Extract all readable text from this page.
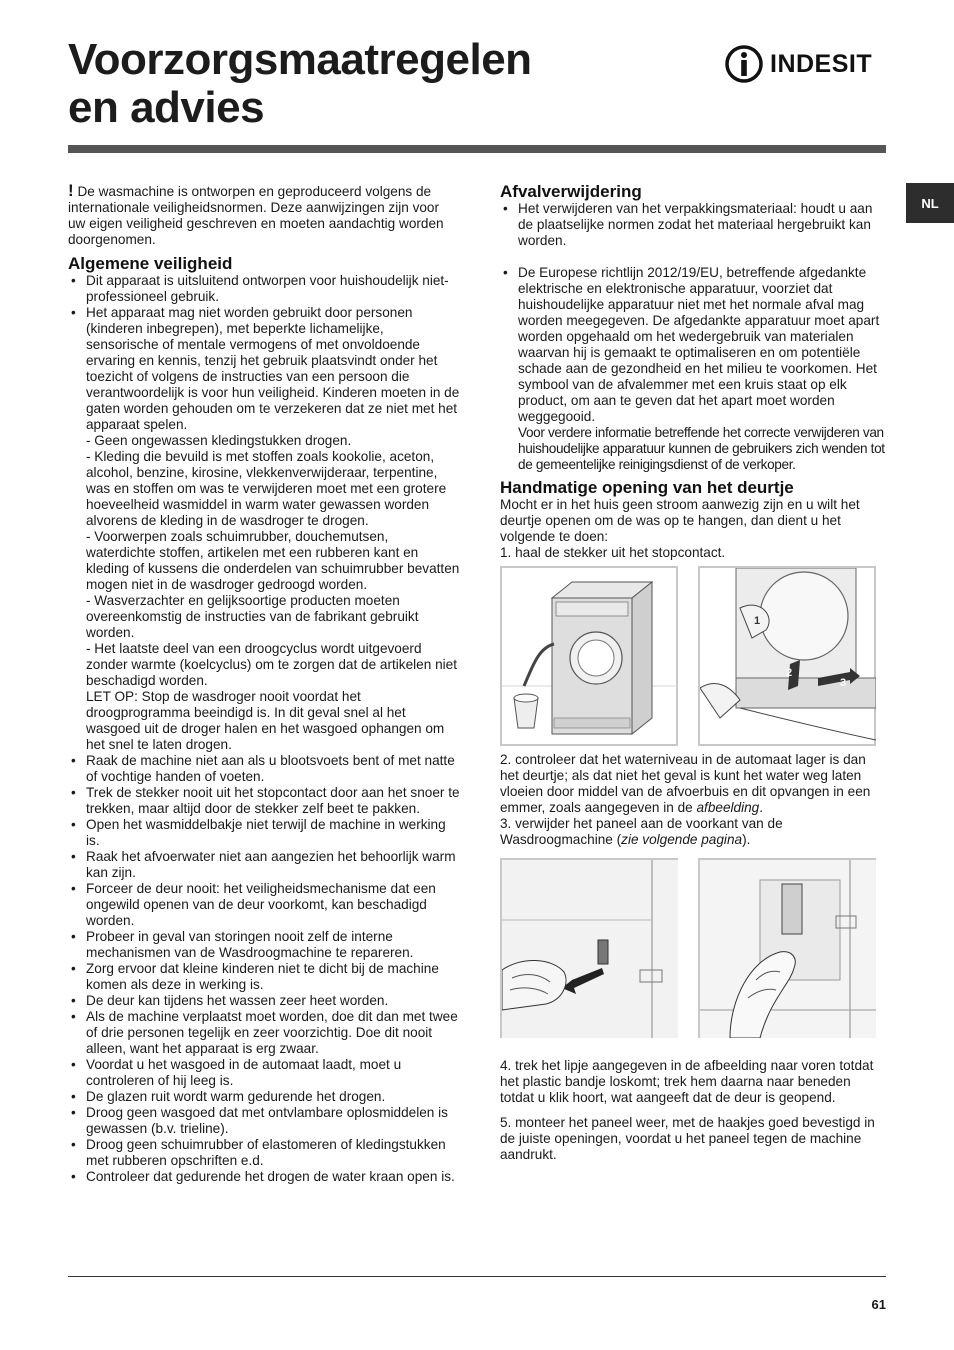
Voorzorgsmaatregelen
en advies
INDESIT
NL

! De wasmachine is ontworpen en geproduceerd volgens de internationale veiligheidsnormen. Deze aanwijzingen zijn voor uw eigen veiligheid geschreven en moeten aandachtig worden doorgenomen.

Algemene veiligheid
• Dit apparaat is uitsluitend ontworpen voor huishoudelijk niet-professioneel gebruik.
• Het apparaat mag niet worden gebruikt door personen (kinderen inbegrepen), met beperkte lichamelijke, sensorische of mentale vermogens of met onvoldoende ervaring en kennis, tenzij het gebruik plaatsvindt onder het toezicht of volgens de instructies van een persoon die verantwoordelijk is voor hun veiligheid. Kinderen moeten in de gaten worden gehouden om te verzekeren dat ze niet met het apparaat spelen.
- Geen ongewassen kledingstukken drogen.
- Kleding die bevuild is met stoffen zoals kookolie, aceton, alcohol, benzine, kirosine, vlekkenverwijderaar, terpentine, was en stoffen om was te verwijderen moet met een grotere hoeveelheid wasmiddel in warm water gewassen worden alvorens de kleding in de wasdroger te drogen.
- Voorwerpen zoals schuimrubber, douchemutsen, waterdichte stoffen, artikelen met een rubberen kant en kleding of kussens die onderdelen van schuimrubber bevatten mogen niet in de wasdroger gedroogd worden.
- Wasverzachter en gelijksoortige producten moeten overeenkomstig de instructies van de fabrikant gebruikt worden.
- Het laatste deel van een droogcyclus wordt uitgevoerd zonder warmte (koelcyclus) om te zorgen dat de artikelen niet beschadigd worden.
LET OP: Stop de wasdroger nooit voordat het droogprogramma beeindigd is. In dit geval snel al het wasgoed uit de droger halen en het wasgoed ophangen om het snel te laten drogen.
• Raak de machine niet aan als u blootsvoets bent of met natte of vochtige handen of voeten.
• Trek de stekker nooit uit het stopcontact door aan het snoer te trekken, maar altijd door de stekker zelf beet te pakken.
• Open het wasmiddelbakje niet terwijl de machine in werking is.
• Raak het afvoerwater niet aan aangezien het behoorlijk warm kan zijn.
• Forceer de deur nooit: het veiligheidsmechanisme dat een ongewild openen van de deur voorkomt, kan beschadigd worden.
• Probeer in geval van storingen nooit zelf de interne mechanismen van de Wasdroogmachine te repareren.
• Zorg ervoor dat kleine kinderen niet te dicht bij de machine komen als deze in werking is.
• De deur kan tijdens het wassen zeer heet worden.
• Als de machine verplaatst moet worden, doe dit dan met twee of drie personen tegelijk en zeer voorzichtig. Doe dit nooit alleen, want het apparaat is erg zwaar.
• Voordat u het wasgoed in de automaat laadt, moet u controleren of hij leeg is.
• De glazen ruit wordt warm gedurende het drogen.
• Droog geen wasgoed dat met ontvlambare oplosmiddelen is gewassen (b.v. trieline).
• Droog geen schuimrubber of elastomeren of kledingstukken met rubberen opschriften e.d.
• Controleer dat gedurende het drogen de water kraan open is.
Afvalverwijdering
• Het verwijderen van het verpakkingsmateriaal: houdt u aan de plaatselijke normen zodat het materiaal hergebruikt kan worden.
• De Europese richtlijn 2012/19/EU, betreffende afgedankte elektrische en elektronische apparatuur, voorziet dat huishoudelijke apparatuur niet met het normale afval mag worden meegegeven. De afgedankte apparatuur moet apart worden opgehaald om het wedergebruik van materialen waarvan hij is gemaakt te optimaliseren en om potentiële schade aan de gezondheid en het milieu te voorkomen. Het symbool van de afvalemmer met een kruis staat op elk product, om aan te geven dat het apart moet worden weggegooid.
Voor verdere informatie betreffende het correcte verwijderen van huishoudelijke apparatuur kunnen de gebruikers zich wenden tot de gemeentelijke reinigingsdienst of de verkoper.
Handmatige opening van het deurtje

Mocht er in het huis geen stroom aanwezig zijn en u wilt het deurtje openen om de was op te hangen, dan dient u het volgende te doen:

1. haal de stekker uit het stopcontact.

1
2
3

2. controleer dat het waterniveau in de automaat lager is dan het deurtje; als dat niet het geval is kunt het water weg laten vloeien door middel van de afvoerbuis en dit opvangen in een emmer, zoals aangegeven in de afbeelding.

3. verwijder het paneel aan de voorkant van de Wasdroogmachine (zie volgende pagina).

4. trek het lipje aangegeven in de afbeelding naar voren totdat het plastic bandje loskomt; trek hem daarna naar beneden totdat u klik hoort, wat aangeeft dat de deur is geopend.

5. monteer het paneel weer, met de haakjes goed bevestigd in de juiste openingen, voordat u het paneel tegen de machine aandrukt.

61
